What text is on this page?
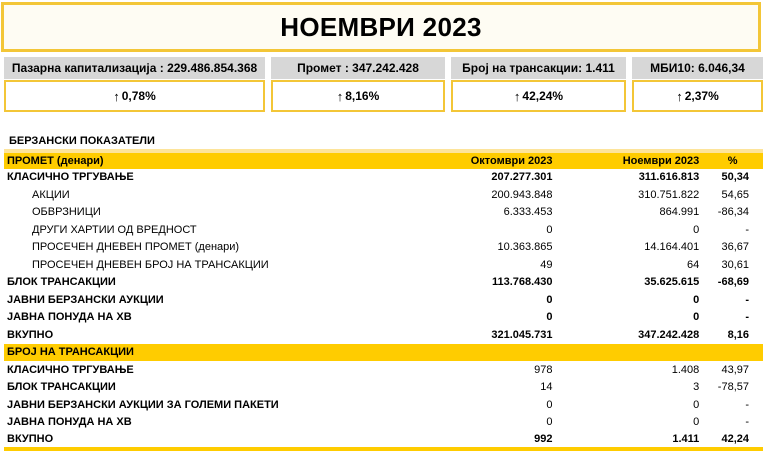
НОЕМВРИ 2023
Пазарна капитализација : 229.486.854.368
↑ 0,78%
Промет : 347.242.428
↑ 8,16%
Број на трансакции: 1.411
↑ 42,24%
МБИ10: 6.046,34
↑ 2,37%
БЕРЗАНСКИ ПОКАЗАТЕЛИ
ПРОМЕТ (денари)	Октомври 2023	Ноември 2023	%
КЛАСИЧНО ТРГУВАЊЕ	207.277.301	311.616.813	50,34
АКЦИИ	200.943.848	310.751.822	54,65
ОБВРЗНИЦИ	6.333.453	864.991	-86,34
ДРУГИ ХАРТИИ ОД ВРЕДНОСТ	0	0	-
ПРОСЕЧЕН ДНЕВЕН ПРОМЕТ (денари)	10.363.865	14.164.401	36,67
ПРОСЕЧЕН ДНЕВЕН БРОЈ НА ТРАНСАКЦИИ	49	64	30,61
БЛОК ТРАНСАКЦИИ	113.768.430	35.625.615	-68,69
ЈАВНИ БЕРЗАНСКИ АУКЦИИ	0	0	-
ЈАВНА ПОНУДА НА ХВ	0	0	-
ВКУПНО	321.045.731	347.242.428	8,16
БРОЈ НА ТРАНСАКЦИИ			
КЛАСИЧНО ТРГУВАЊЕ	978	1.408	43,97
БЛОК ТРАНСАКЦИИ	14	3	-78,57
ЈАВНИ БЕРЗАНСКИ АУКЦИИ ЗА ГОЛЕМИ ПАКЕТИ	0	0	-
ЈАВНА ПОНУДА НА ХВ	0	0	-
ВКУПНО	992	1.411	42,24
